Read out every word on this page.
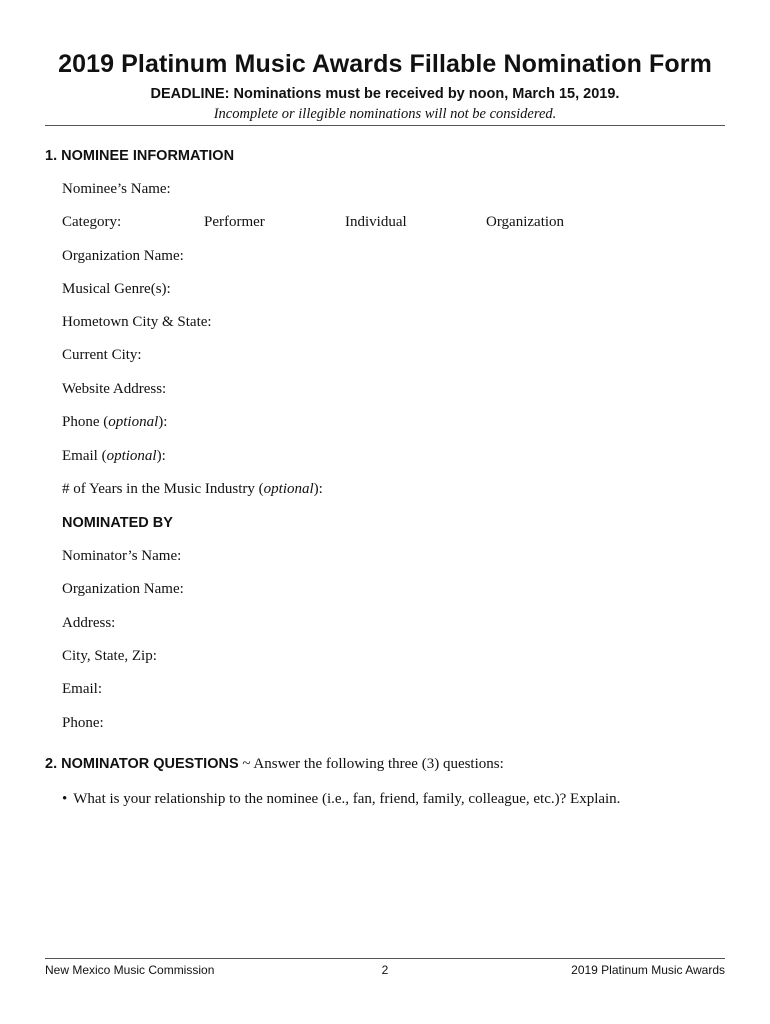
2019 Platinum Music Awards Fillable Nomination Form
DEADLINE: Nominations must be received by noon, March 15, 2019.
Incomplete or illegible nominations will not be considered.
1. NOMINEE INFORMATION
Nominee’s Name:
Category:	Performer	Individual	Organization
Organization Name:
Musical Genre(s):
Hometown City & State:
Current City:
Website Address:
Phone (optional):
Email (optional):
# of Years in the Music Industry (optional):
NOMINATED BY
Nominator’s Name:
Organization Name:
Address:
City, State, Zip:
Email:
Phone:
2. NOMINATOR QUESTIONS ~ Answer the following three (3) questions:
• What is your relationship to the nominee (i.e., fan, friend, family, colleague, etc.)? Explain.
New Mexico Music Commission	2	2019 Platinum Music Awards
